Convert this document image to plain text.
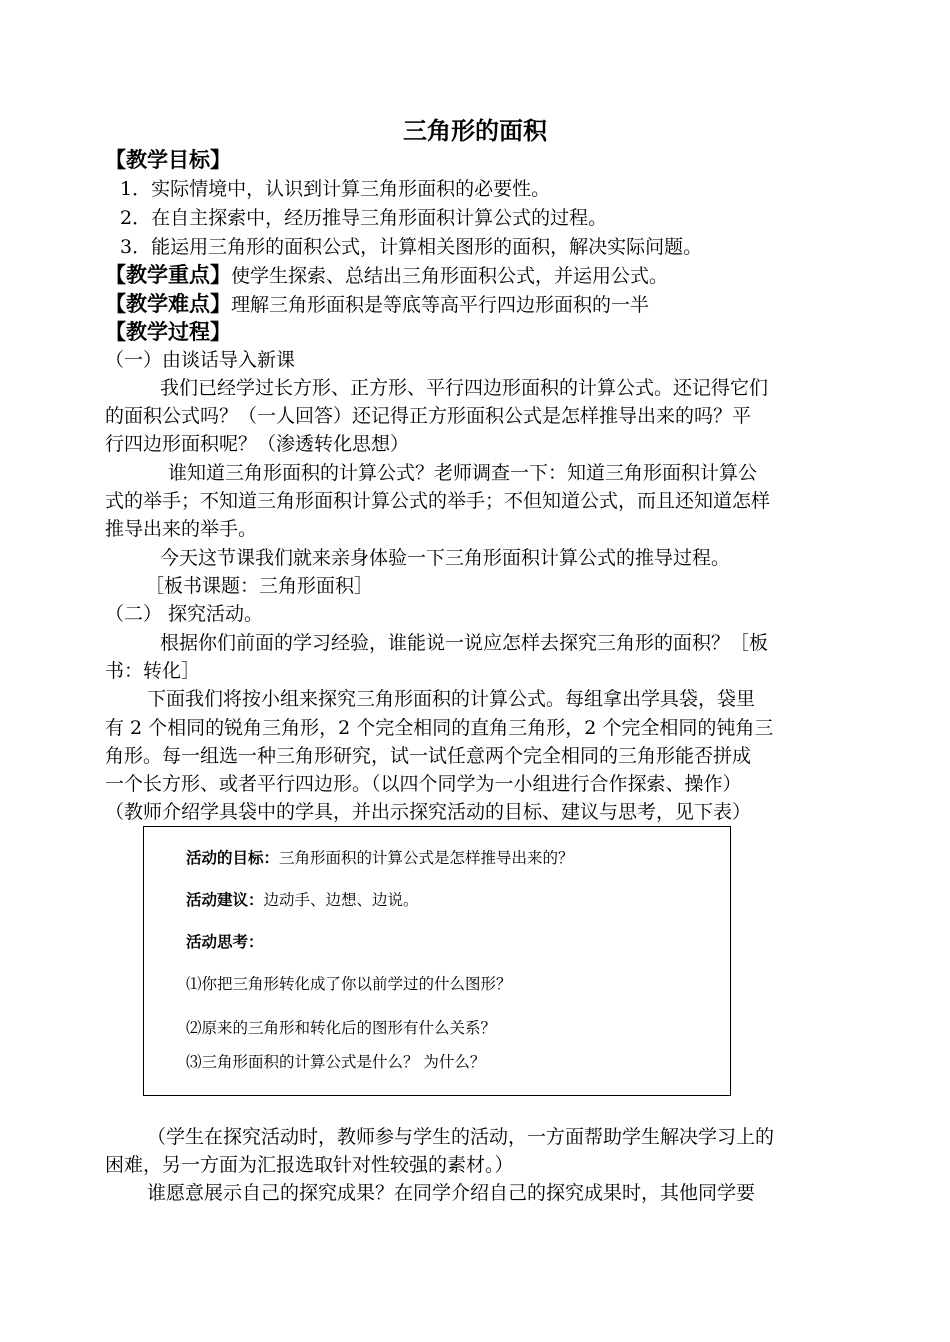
三角形的面积
【教学目标】
1．实际情境中，认识到计算三角形面积的必要性。
2．在自主探索中，经历推导三角形面积计算公式的过程。
3．能运用三角形的面积公式，计算相关图形的面积，解决实际问题。
【教学重点】使学生探索、总结出三角形面积公式，并运用公式。
【教学难点】理解三角形面积是等底等高平行四边形面积的一半
【教学过程】
（一）由谈话导入新课
我们已经学过长方形、正方形、平行四边形面积的计算公式。还记得它们
的面积公式吗？（一人回答）还记得正方形面积公式是怎样推导出来的吗？平
行四边形面积呢？（渗透转化思想）
谁知道三角形面积的计算公式？老师调查一下：知道三角形面积计算公
式的举手；不知道三角形面积计算公式的举手；不但知道公式，而且还知道怎样
推导出来的举手。
今天这节课我们就来亲身体验一下三角形面积计算公式的推导过程。
［板书课题：三角形面积］
（二） 探究活动。
根据你们前面的学习经验，谁能说一说应怎样去探究三角形的面积？［板
书：转化］
下面我们将按小组来探究三角形面积的计算公式。每组拿出学具袋，袋里
有 2 个相同的锐角三角形，2 个完全相同的直角三角形，2 个完全相同的钝角三
角形。每一组选一种三角形研究，试一试任意两个完全相同的三角形能否拼成
一个长方形、或者平行四边形。（以四个同学为一小组进行合作探索、操作）
（教师介绍学具袋中的学具，并出示探究活动的目标、建议与思考，见下表）
活动的目标：三角形面积的计算公式是怎样推导出来的？
活动建议：边动手、边想、边说。
活动思考：
⑴你把三角形转化成了你以前学过的什么图形？
⑵原来的三角形和转化后的图形有什么关系？
⑶三角形面积的计算公式是什么？ 为什么？
（学生在探究活动时，教师参与学生的活动，一方面帮助学生解决学习上的
困难，另一方面为汇报选取针对性较强的素材。）
谁愿意展示自己的探究成果？在同学介绍自己的探究成果时，其他同学要
